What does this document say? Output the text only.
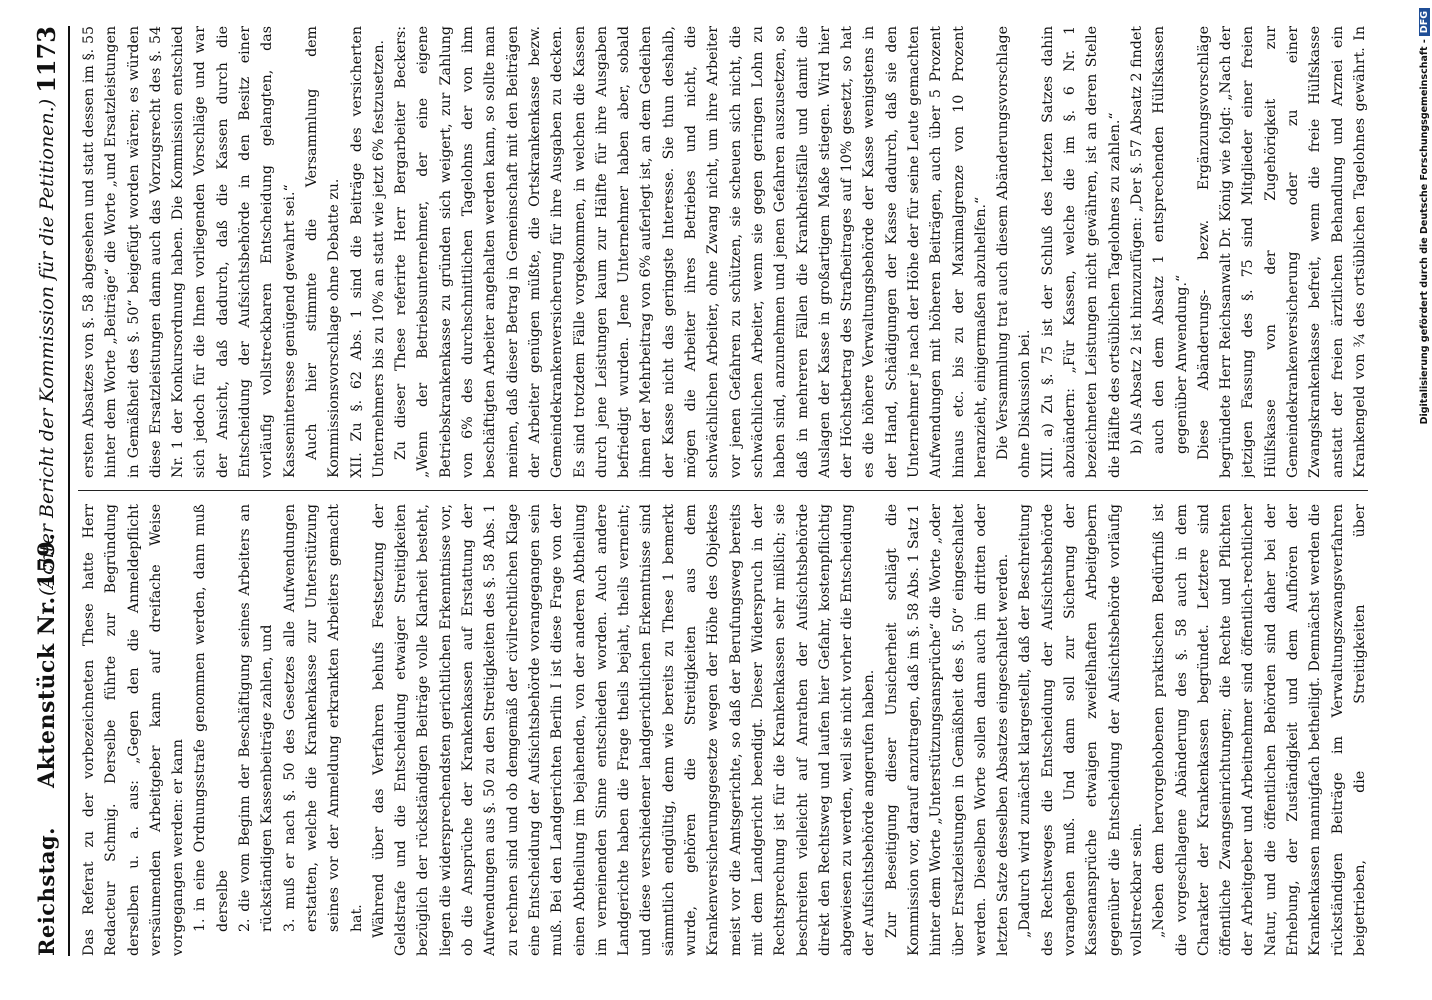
Reichstag.
Aktenstück Nr. 159.
(Achter Bericht der Kommission für die Petitionen.)
1173

Das Referat zu der vorbezeichneten These hatte Herr Redacteur Schmig. Derselbe führte zur Begründung derselben u. a. aus: „Gegen den die Anmeldepflicht versäumenden Arbeitgeber kann auf dreifache Weise vorgegangen werden: er kann 1. in eine Ordnungsstrafe genommen werden, dann muß derselbe 2. die vom Beginn der Beschäftigung seines Arbeiters an rückständigen Kassenbeiträge zahlen, und 3. muß er nach §. 50 des Gesetzes alle Aufwendungen erstatten, welche die Krankenkasse zur Unterstützung seines vor der Anmeldung erkrankten Arbeiters gemacht hat. Während über das Verfahren behufs Festsetzung der Geldstrafe und die Entscheidung etwaiger Streitigkeiten bezüglich der rückständigen Beiträge volle Klarheit besteht, liegen die widersprechendsten gerichtlichen Erkenntnisse vor, ob die Ansprüche der Krankenkassen auf Erstattung der Aufwendungen aus §. 50 zu den Streitigkeiten des §. 58 Abs. 1 zu rechnen sind und ob demgemäß der civilrechtlichen Klage eine Entscheidung der Aufsichtsbehörde vorangegangen sein muß. Bei den Landgerichten Berlin I ist diese Frage von der einen Abtheilung im bejahenden, von der anderen Abtheilung im verneinenden Sinne entschieden worden. Auch andere Landgerichte haben die Frage theils bejaht, theils verneint; und diese verschiedener landgerichtlichen Erkenntnisse sind sämmtlich endgültig, denn wie bereits zu These 1 bemerkt wurde, gehören die Streitigkeiten aus dem Krankenversicherungsgesetze wegen der Höhe des Objektes meist vor die Amtsgerichte, so daß der Berufungsweg bereits mit dem Landgericht beendigt. Dieser Widerspruch in der Rechtsprechung ist für die Krankenkassen sehr mißlich; sie beschreiten vielleicht auf Anrathen der Aufsichtsbehörde direkt den Rechtsweg und laufen hier Gefahr, kostenpflichtig abgewiesen zu werden, weil sie nicht vorher die Entscheidung der Aufsichtsbehörde angerufen haben. Zur Beseitigung dieser Unsicherheit schlägt die Kommission vor, darauf anzutragen, daß im §. 58 Abs. 1 Satz 1 hinter dem Worte „Unterstützungsansprüche“ die Worte „oder über Ersatzleistungen in Gemäßheit des §. 50“ eingeschaltet werden. Dieselben Worte sollen dann auch im dritten oder letzten Satze desselben Absatzes eingeschaltet werden. „Dadurch wird zunächst klargestellt, daß der Beschreitung des Rechtsweges die Entscheidung der Aufsichtsbehörde vorangehen muß. Und dann soll zur Sicherung der Kassenansprüche etwaigen zweifelhaften Arbeitgebern gegenüber die Entscheidung der Aufsichtsbehörde vorläufig vollstreckbar sein. „Neben dem hervorgehobenen praktischen Bedürfniß ist die vorgeschlagene Abänderung des §. 58 auch in dem Charakter der Krankenkassen begründet. Letztere sind öffentliche Zwangseinrichtungen; die Rechte und Pflichten der Arbeitgeber und Arbeitnehmer sind öffentlich-rechtlicher Natur, und die öffentlichen Behörden sind daher bei der Erhebung, der Zuständigkeit und dem Aufhören der Krankenkassen mannigfach betheiligt. Demnächst werden die rückständigen Beiträge im Verwaltungszwangsverfahren beigetrieben, die Streitigkeiten über

ersten Absatzes von §. 58 abgesehen und statt dessen im §. 55 hinter dem Worte „Beiträge“ die Worte „und Ersatzleistungen in Gemäßheit des §. 50“ beigefügt worden wären; es würden diese Ersatzleistungen dann auch das Vorzugsrecht des §. 54 Nr. 1 der Konkursordnung haben. Die Kommission entschied sich jedoch für die Ihnen vorliegenden Vorschläge und war der Ansicht, daß dadurch, daß die Kassen durch die Entscheidung der Aufsichtsbehörde in den Besitz einer vorläufig vollstreckbaren Entscheidung gelangten, das Kasseninteresse genügend gewahrt sei.“ Auch hier stimmte die Versammlung dem Kommissionsvorschlage ohne Debatte zu. XII. Zu §. 62 Abs. 1 sind die Beiträge des versicherten Unternehmers bis zu 10% an statt wie jetzt 6% festzusetzen. Zu dieser These referirte Herr Bergarbeiter Beckers: „Wenn der Betriebsunternehmer, der eine eigene Betriebskrankenkasse zu gründen sich weigert, zur Zahlung von 6% des durchschnittlichen Tagelohns der von ihm beschäftigten Arbeiter angehalten werden kann, so sollte man meinen, daß dieser Betrag in Gemeinschaft mit den Beiträgen der Arbeiter genügen müßte, die Ortskrankenkasse bezw. Gemeindekrankenversicherung für ihre Ausgaben zu decken. Es sind trotzdem Fälle vorgekommen, in welchen die Kassen durch jene Leistungen kaum zur Hälfte für ihre Ausgaben befriedigt wurden. Jene Unternehmer haben aber, sobald ihnen der Mehrbeitrag von 6% auferlegt ist, an dem Gedeihen der Kasse nicht das geringste Interesse. Sie thun deshalb, mögen die Arbeiter ihres Betriebes und nicht, die schwächlichen Arbeiter, ohne Zwang nicht, um ihre Arbeiter vor jenen Gefahren zu schützen, sie scheuen sich nicht, die schwächlichen Arbeiter, wenn sie gegen geringen Lohn zu haben sind, anzunehmen und jenen Gefahren auszusetzen, so daß in mehreren Fällen die Krankheitsfälle und damit die Auslagen der Kasse in großartigem Maße stiegen. Wird hier der Höchstbetrag des Strafbeitrages auf 10% gesetzt, so hat es die höhere Verwaltungsbehörde der Kasse wenigstens in der Hand, Schädigungen der Kasse dadurch, daß sie den Unternehmer je nach der Höhe der für seine Leute gemachten Aufwendungen mit höheren Beiträgen, auch über 5 Prozent hinaus etc. bis zu der Maximalgrenze von 10 Prozent heranzieht, einigermaßen abzuhelfen.“ Die Versammlung trat auch diesem Abänderungsvorschlage ohne Diskussion bei. XIII. a) Zu §. 75 ist der Schluß des letzten Satzes dahin abzuändern: „Für Kassen, welche die im §. 6 Nr. 1 bezeichneten Leistungen nicht gewähren, ist an deren Stelle die Hälfte des ortsüblichen Tagelohnes zu zahlen.“ b) Als Absatz 2 ist hinzuzufügen: „Der §. 57 Absatz 2 findet auch den dem Absatz 1 entsprechenden Hülfskassen gegenüber Anwendung.“ Diese Abänderungs- bezw. Ergänzungsvorschläge begründete Herr Reichsanwalt Dr. König wie folgt: „Nach der jetzigen Fassung des §. 75 sind Mitglieder einer freien Hülfskasse von der Zugehörigkeit zur Gemeindekrankenversicherung oder zu einer Zwangskrankenkasse befreit, wenn die freie Hülfskasse anstatt der freien ärztlichen Behandlung und Arznei ein Krankengeld von ¾ des ortsüblichen Tagelohnes gewährt. In

Digitalisierung gefördert durch die Deutsche Forschungsgemeinschaft -DFG
